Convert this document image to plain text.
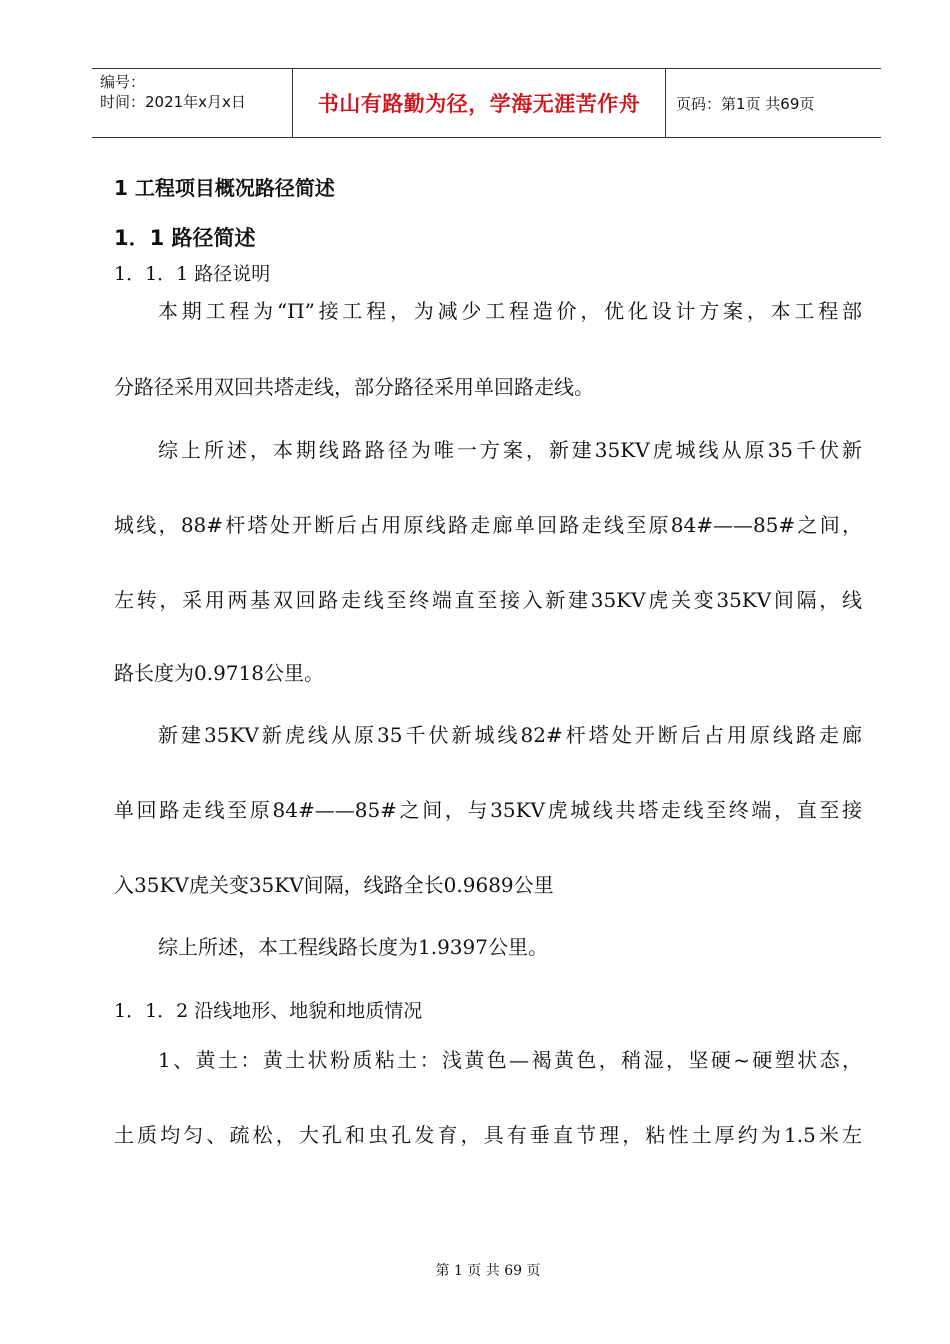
编号：
时间：2021年x月x日	书山有路勤为径，学海无涯苦作舟	页码：第1页 共69页
1 工程项目概况路径简述
1．1 路径简述
1．1．1 路径说明
本期工程为“Π”接工程，为减少工程造价，优化设计方案，本工程部
分路径采用双回共塔走线，部分路径采用单回路走线。
综上所述，本期线路路径为唯一方案，新建35KV虎城线从原35千伏新
城线，88#杆塔处开断后占用原线路走廊单回路走线至原84#——85#之间，
左转，采用两基双回路走线至终端直至接入新建35KV虎关变35KV间隔，线
路长度为0.9718公里。
新建35KV新虎线从原35千伏新城线82#杆塔处开断后占用原线路走廊
单回路走线至原84#——85#之间，与35KV虎城线共塔走线至终端，直至接
入35KV虎关变35KV间隔，线路全长0.9689公里
综上所述，本工程线路长度为1.9397公里。
1．1．2 沿线地形、地貌和地质情况
1、黄土：黄土状粉质粘土：浅黄色—褐黄色，稍湿，坚硬~硬塑状态，
土质均匀、疏松，大孔和虫孔发育，具有垂直节理，粘性土厚约为1.5米左
第 1 页 共 69 页
